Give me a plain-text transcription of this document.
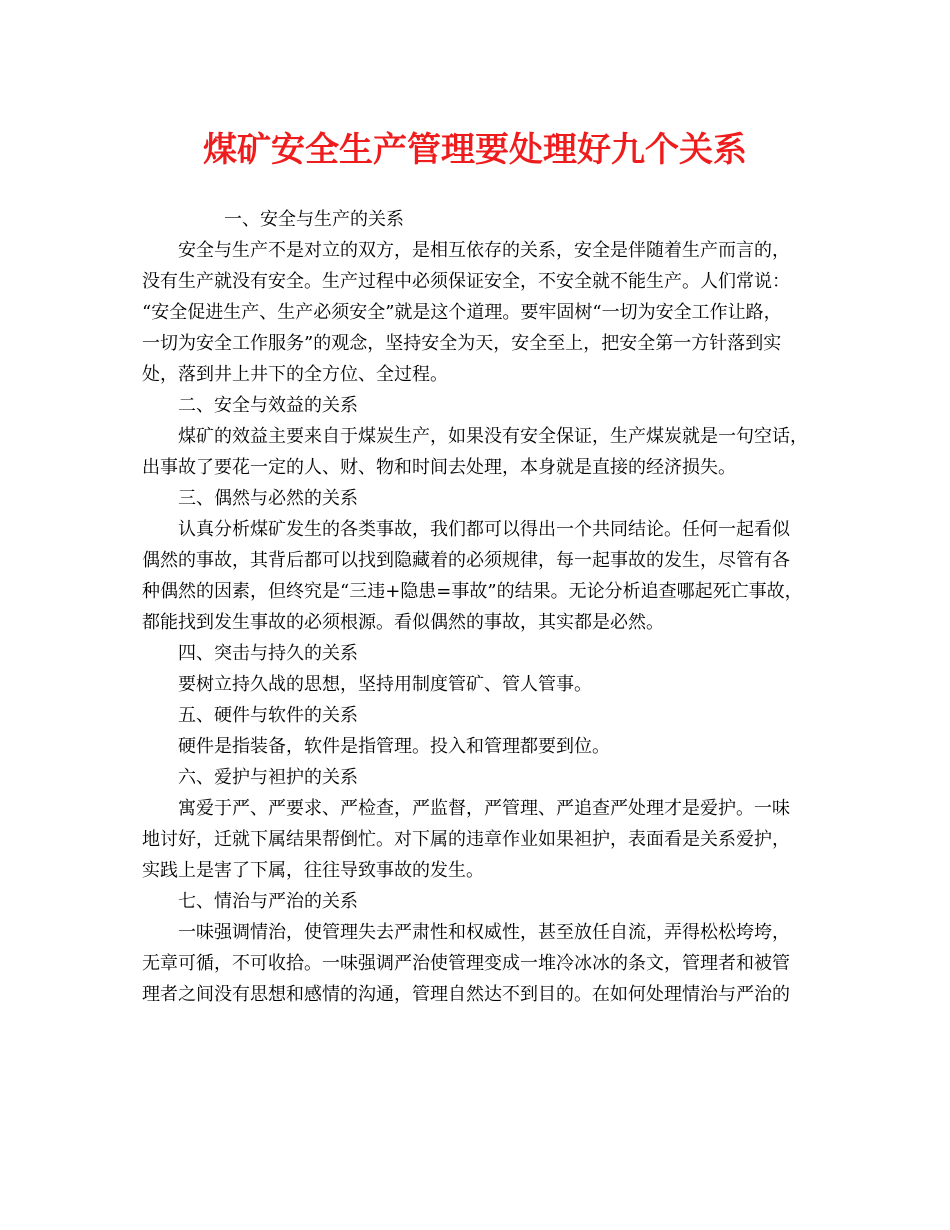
煤矿安全生产管理要处理好九个关系
一、安全与生产的关系
安全与生产不是对立的双方，是相互依存的关系，安全是伴随着生产而言的，
没有生产就没有安全。生产过程中必须保证安全，不安全就不能生产。人们常说：
“安全促进生产、生产必须安全”就是这个道理。要牢固树“一切为安全工作让路，
一切为安全工作服务”的观念，坚持安全为天，安全至上，把安全第一方针落到实
处，落到井上井下的全方位、全过程。
二、安全与效益的关系
煤矿的效益主要来自于煤炭生产，如果没有安全保证，生产煤炭就是一句空话，
出事故了要花一定的人、财、物和时间去处理，本身就是直接的经济损失。
三、偶然与必然的关系
认真分析煤矿发生的各类事故，我们都可以得出一个共同结论。任何一起看似
偶然的事故，其背后都可以找到隐藏着的必须规律，每一起事故的发生，尽管有各
种偶然的因素，但终究是“三违+隐患=事故”的结果。无论分析追查哪起死亡事故，
都能找到发生事故的必须根源。看似偶然的事故，其实都是必然。
四、突击与持久的关系
要树立持久战的思想，坚持用制度管矿、管人管事。
五、硬件与软件的关系
硬件是指装备，软件是指管理。投入和管理都要到位。
六、爱护与袒护的关系
寓爱于严、严要求、严检查，严监督，严管理、严追查严处理才是爱护。一味
地讨好，迁就下属结果帮倒忙。对下属的违章作业如果袒护，表面看是关系爱护，
实践上是害了下属，往往导致事故的发生。
七、情治与严治的关系
一味强调情治，使管理失去严肃性和权威性，甚至放任自流，弄得松松垮垮，
无章可循，不可收拾。一味强调严治使管理变成一堆冷冰冰的条文，管理者和被管
理者之间没有思想和感情的沟通，管理自然达不到目的。在如何处理情治与严治的
